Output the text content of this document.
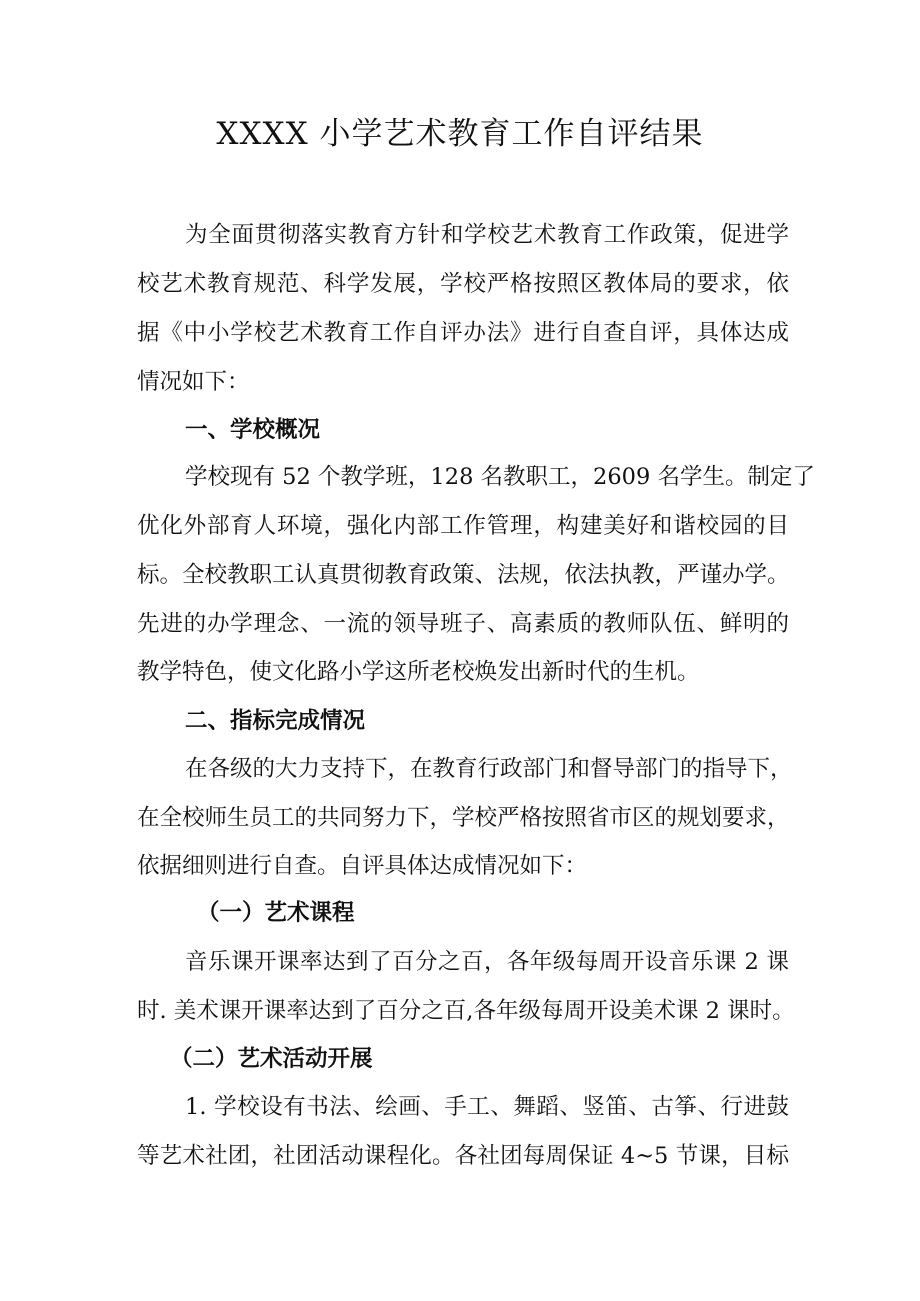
XXXX 小学艺术教育工作自评结果

为全面贯彻落实教育方针和学校艺术教育工作政策，促进学

校艺术教育规范、科学发展，学校严格按照区教体局的要求，依

据《中小学校艺术教育工作自评办法》进行自查自评，具体达成

情况如下：

一、学校概况

学校现有 52 个教学班，128 名教职工，2609 名学生。制定了

优化外部育人环境，强化内部工作管理，构建美好和谐校园的目

标。全校教职工认真贯彻教育政策、法规，依法执教，严谨办学。

先进的办学理念、一流的领导班子、高素质的教师队伍、鲜明的

教学特色，使文化路小学这所老校焕发出新时代的生机。

二、指标完成情况

在各级的大力支持下，在教育行政部门和督导部门的指导下，

在全校师生员工的共同努力下，学校严格按照省市区的规划要求，

依据细则进行自查。自评具体达成情况如下：

（一）艺术课程

音乐课开课率达到了百分之百，各年级每周开设音乐课 2 课

时. 美术课开课率达到了百分之百,各年级每周开设美术课 2 课时。

（二）艺术活动开展

1. 学校设有书法、绘画、手工、舞蹈、竖笛、古筝、行进鼓

等艺术社团，社团活动课程化。各社团每周保证 4~5 节课，目标
